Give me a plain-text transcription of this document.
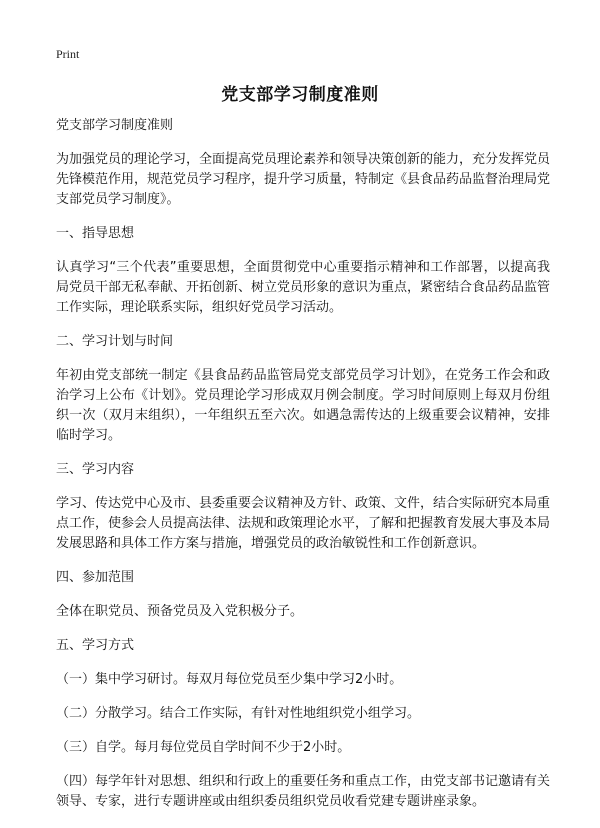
Print
党支部学习制度准则

党支部学习制度准则

为加强党员的理论学习，全面提高党员理论素养和领导决策创新的能力，充分发挥党员先锋模范作用，规范党员学习程序，提升学习质量，特制定《县食品药品监督治理局党支部党员学习制度》。

一、指导思想

认真学习“三个代表”重要思想，全面贯彻党中心重要指示精神和工作部署，以提高我局党员干部无私奉献、开拓创新、树立党员形象的意识为重点，紧密结合食品药品监管工作实际，理论联系实际，组织好党员学习活动。

二、学习计划与时间

年初由党支部统一制定《县食品药品监管局党支部党员学习计划》，在党务工作会和政治学习上公布《计划》。党员理论学习形成双月例会制度。学习时间原则上每双月份组织一次（双月末组织），一年组织五至六次。如遇急需传达的上级重要会议精神，安排临时学习。

三、学习内容

学习、传达党中心及市、县委重要会议精神及方针、政策、文件，结合实际研究本局重点工作，使参会人员提高法律、法规和政策理论水平，了解和把握教育发展大事及本局发展思路和具体工作方案与措施，增强党员的政治敏锐性和工作创新意识。

四、参加范围

全体在职党员、预备党员及入党积极分子。

五、学习方式

（一）集中学习研讨。每双月每位党员至少集中学习2小时。

（二）分散学习。结合工作实际，有针对性地组织党小组学习。

（三）自学。每月每位党员自学时间不少于2小时。

（四）每学年针对思想、组织和行政上的重要任务和重点工作，由党支部书记邀请有关领导、专家，进行专题讲座或由组织委员组织党员收看党建专题讲座录象。
